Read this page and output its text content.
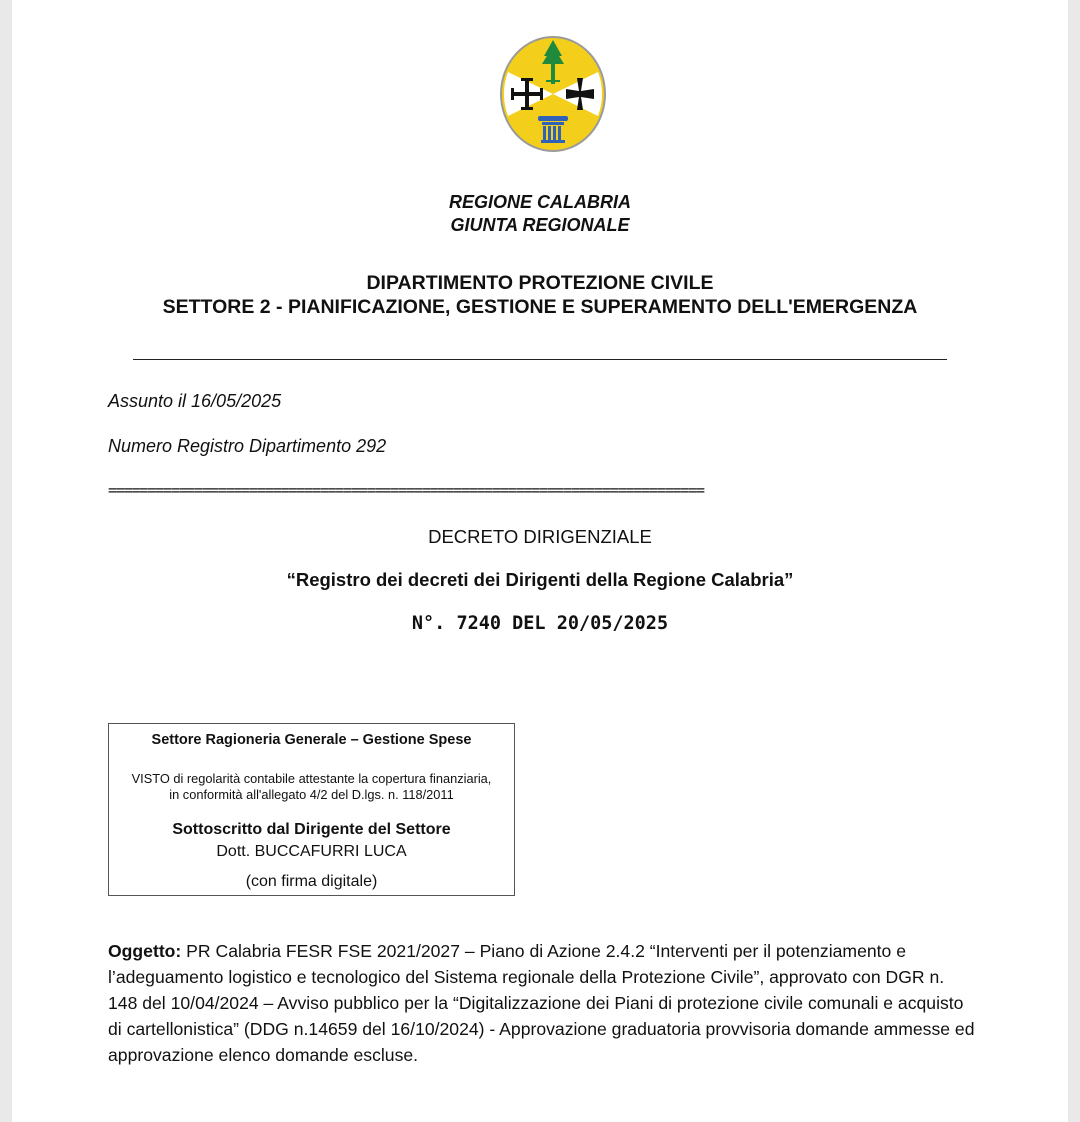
REGIONE CALABRIA
GIUNTA REGIONALE
DIPARTIMENTO PROTEZIONE CIVILE
SETTORE 2 - PIANIFICAZIONE, GESTIONE E SUPERAMENTO DELL'EMERGENZA
Assunto il 16/05/2025
Numero Registro Dipartimento 292
============================================================================
DECRETO DIRIGENZIALE
“Registro dei decreti dei Dirigenti della Regione Calabria”
N°. 7240 DEL 20/05/2025
Settore Ragioneria Generale – Gestione Spese
VISTO di regolarità contabile attestante la copertura finanziaria,
in conformità all'allegato 4/2 del D.lgs. n. 118/2011
Sottoscritto dal Dirigente del Settore
Dott. BUCCAFURRI LUCA
(con firma digitale)
Oggetto: PR Calabria FESR FSE 2021/2027 – Piano di Azione 2.4.2 “Interventi per il potenziamento e l’adeguamento logistico e tecnologico del Sistema regionale della Protezione Civile”, approvato con DGR n. 148 del 10/04/2024 – Avviso pubblico per la “Digitalizzazione dei Piani di protezione civile comunali e acquisto di cartellonistica” (DDG n.14659 del 16/10/2024) - Approvazione graduatoria provvisoria domande ammesse ed approvazione elenco domande escluse.
